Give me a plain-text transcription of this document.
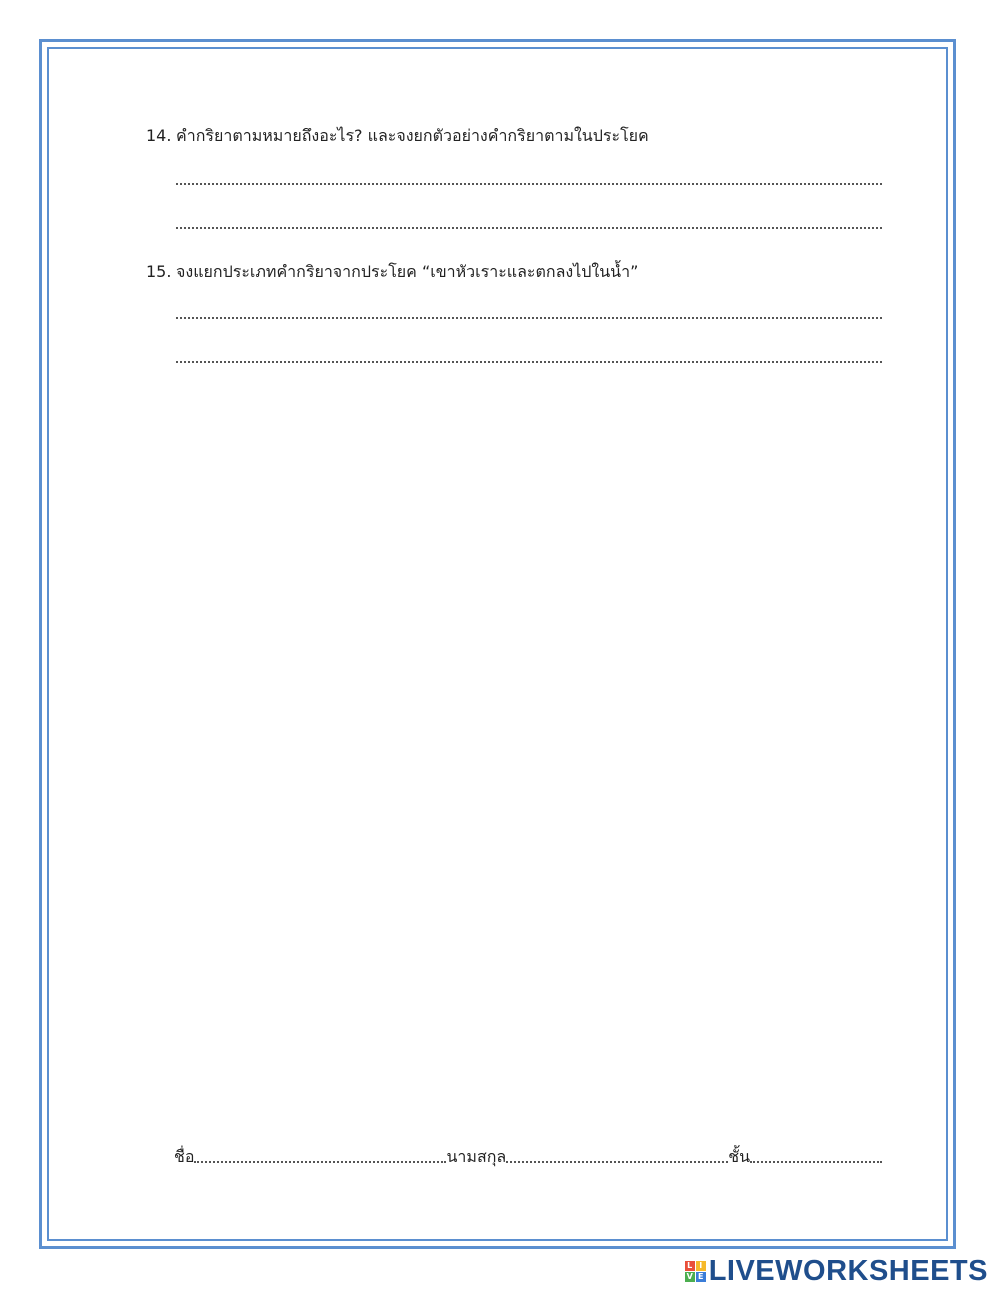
14. คำกริยาตามหมายถึงอะไร? และจงยกตัวอย่างคำกริยาตามในประโยค
15. จงแยกประเภทคำกริยาจากประโยค “เขาหัวเราะและตกลงไปในน้ำ”
ชื่อ	นามสกุล	ชั้น
L I
V E LIVEWORKSHEETS
